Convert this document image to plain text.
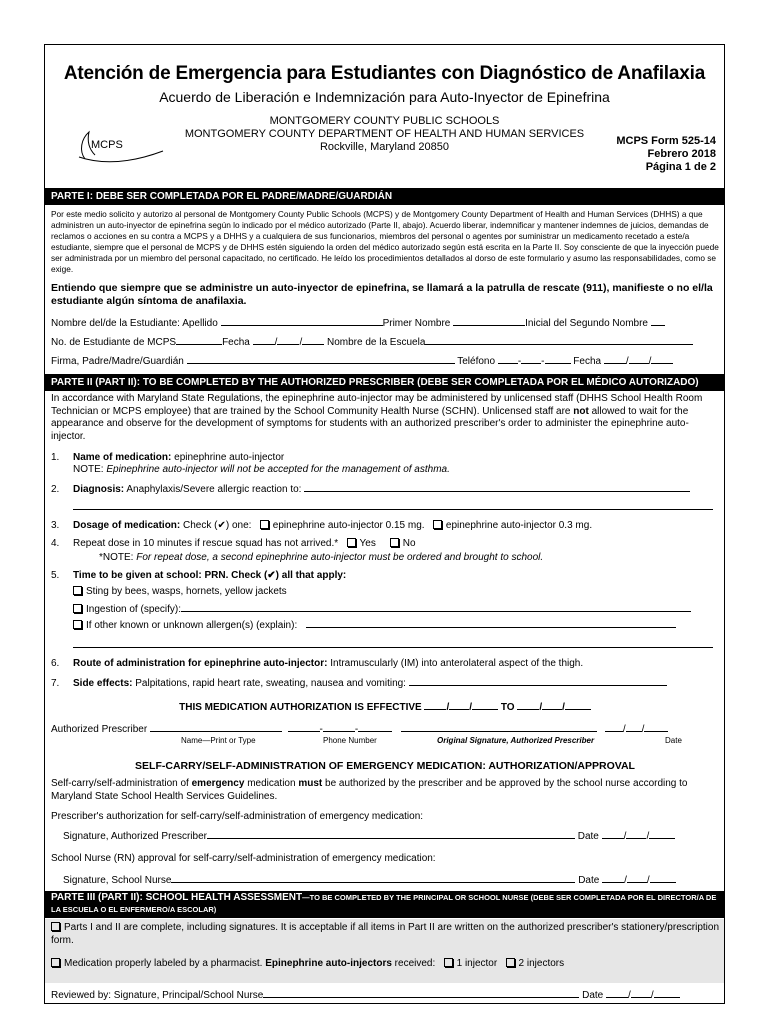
Atención de Emergencia para Estudiantes con Diagnóstico de Anafilaxia
Acuerdo de Liberación e Indemnización para Auto-Inyector de Epinefrina
MONTGOMERY COUNTY PUBLIC SCHOOLS
MONTGOMERY COUNTY DEPARTMENT OF HEALTH AND HUMAN SERVICES
Rockville, Maryland 20850
MCPS	MCPS Form 525-14
Febrero 2018
Página 1 de 2
PARTE I: DEBE SER COMPLETADA POR EL PADRE/MADRE/GUARDIÁN
Por este medio solicito y autorizo al personal de Montgomery County Public Schools (MCPS) y de Montgomery County Department of Health and Human Services (DHHS) a que administren un auto-inyector de epinefrina según lo indicado por el médico autorizado (Parte II, abajo). Acuerdo liberar, indemnificar y mantener indemnes de juicios, demandas de reclamos o acciones en su contra a MCPS y a DHHS y a cualquiera de sus funcionarios, miembros del personal o agentes por suministrar un medicamento recetado a este/a estudiante, siempre que el personal de MCPS y de DHHS estén siguiendo la orden del médico autorizado según está escrita en la Parte II. Soy consciente de que la inyección puede ser administrada por un miembro del personal capacitado, no certificado. He leído los procedimientos detallados al dorso de este formulario y asumo las responsabilidades, como se exige.
Entiendo que siempre que se administre un auto-inyector de epinefrina, se llamará a la patrulla de rescate (911), manifieste o no el/la estudiante algún síntoma de anafilaxia.
Nombre del/de la Estudiante: Apellido	Primer Nombre	Inicial del Segundo Nombre
No. de Estudiante de MCPS	Fecha / / Nombre de la Escuela
Firma, Padre/Madre/Guardián	Teléfono - -	Fecha / /
PARTE II (PART II): TO BE COMPLETED BY THE AUTHORIZED PRESCRIBER (DEBE SER COMPLETADA POR EL MÉDICO AUTORIZADO)
In accordance with Maryland State Regulations, the epinephrine auto-injector may be administered by unlicensed staff (DHHS School Health Room Technician or MCPS employee) that are trained by the School Community Health Nurse (SCHN). Unlicensed staff are not allowed to wait for the appearance and observe for the development of symptoms for students with an authorized prescriber's order to administer the epinephrine auto-injector.
1. Name of medication: epinephrine auto-injector
NOTE: Epinephrine auto-injector will not be accepted for the management of asthma.
2. Diagnosis: Anaphylaxis/Severe allergic reaction to:
3. Dosage of medication: Check (✔) one: epinephrine auto-injector 0.15 mg. epinephrine auto-injector 0.3 mg.
4. Repeat dose in 10 minutes if rescue squad has not arrived.* Yes	No
*NOTE: For repeat dose, a second epinephrine auto-injector must be ordered and brought to school.
5. Time to be given at school: PRN. Check (✔) all that apply:
Sting by bees, wasps, hornets, yellow jackets
Ingestion of (specify):
If other known or unknown allergen(s) (explain):
6. Route of administration for epinephrine auto-injector: Intramuscularly (IM) into anterolateral aspect of the thigh.
7. Side effects: Palpitations, rapid heart rate, sweating, nausea and vomiting:
THIS MEDICATION AUTHORIZATION IS EFFECTIVE / /	TO / /
Authorized Prescriber	-	-	/ /
Name—Print or Type	Phone Number	Original Signature, Authorized Prescriber	Date
SELF-CARRY/SELF-ADMINISTRATION OF EMERGENCY MEDICATION: AUTHORIZATION/APPROVAL
Self-carry/self-administration of emergency medication must be authorized by the prescriber and be approved by the school nurse according to Maryland State School Health Services Guidelines.
Prescriber's authorization for self-carry/self-administration of emergency medication:
Signature, Authorized Prescriber	Date / /
School Nurse (RN) approval for self-carry/self-administration of emergency medication:
Signature, School Nurse	Date / /
PARTE III (PART II): SCHOOL HEALTH ASSESSMENT—TO BE COMPLETED BY THE PRINCIPAL OR SCHOOL NURSE (DEBE SER COMPLETADA POR EL DIRECTOR/A DE LA ESCUELA O EL ENFERMERO/A ESCOLAR)
Parts I and II are complete, including signatures. It is acceptable if all items in Part II are written on the authorized prescriber's stationery/prescription form.
Medication properly labeled by a pharmacist. Epinephrine auto-injectors received: 1 injector 2 injectors
Reviewed by: Signature, Principal/School Nurse	Date / /
